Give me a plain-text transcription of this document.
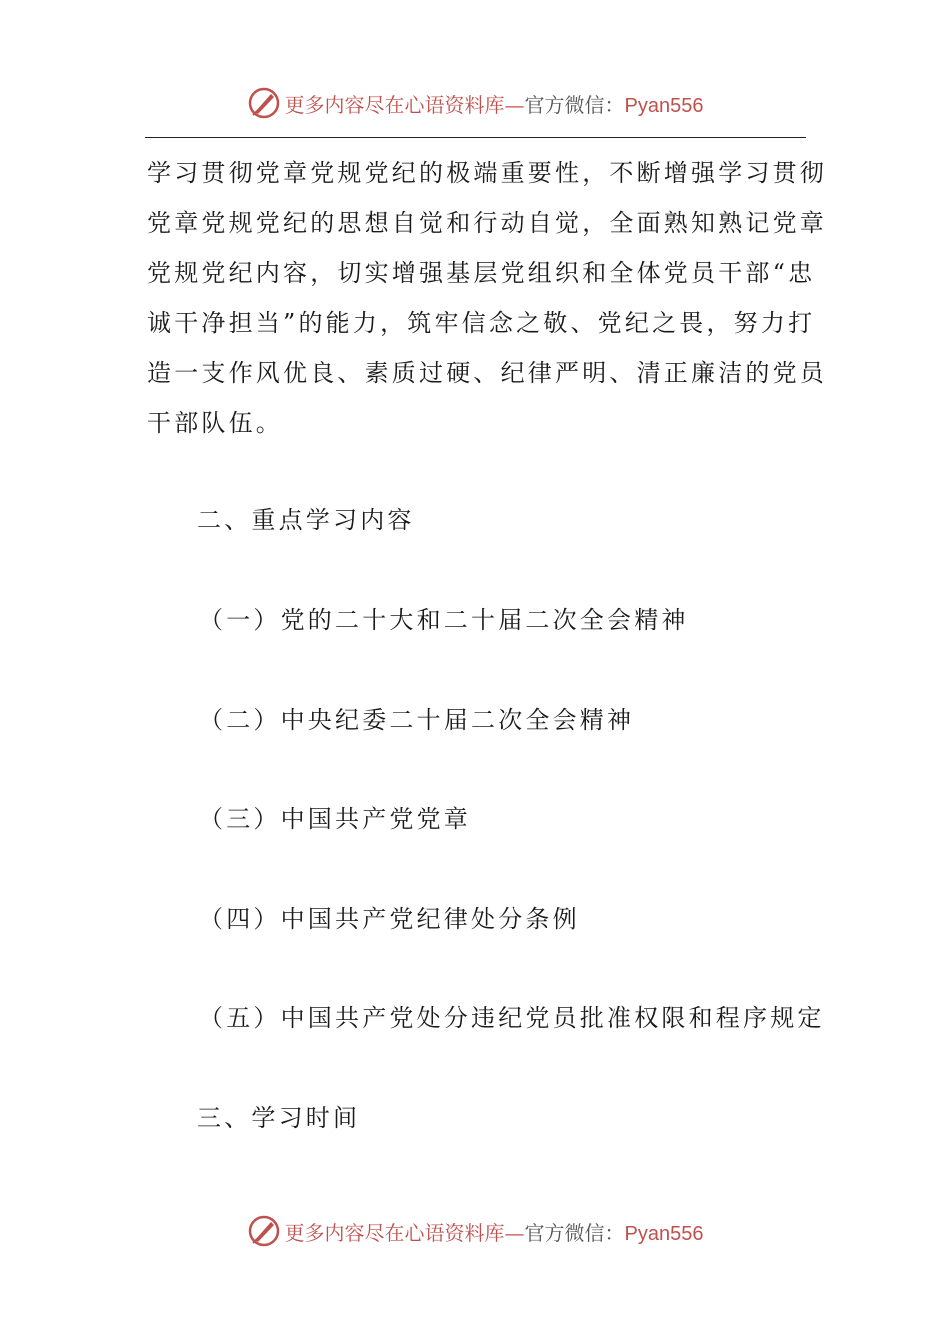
更多内容尽在心语资料库—官方微信：Pyan556
学习贯彻党章党规党纪的极端重要性，不断增强学习贯彻
党章党规党纪的思想自觉和行动自觉，全面熟知熟记党章
党规党纪内容，切实增强基层党组织和全体党员干部“忠
诚干净担当”的能力，筑牢信念之敬、党纪之畏，努力打
造一支作风优良、素质过硬、纪律严明、清正廉洁的党员
干部队伍。
二、重点学习内容
（一）党的二十大和二十届二次全会精神
（二）中央纪委二十届二次全会精神
（三）中国共产党党章
（四）中国共产党纪律处分条例
（五）中国共产党处分违纪党员批准权限和程序规定
三、学习时间
更多内容尽在心语资料库—官方微信：Pyan556
